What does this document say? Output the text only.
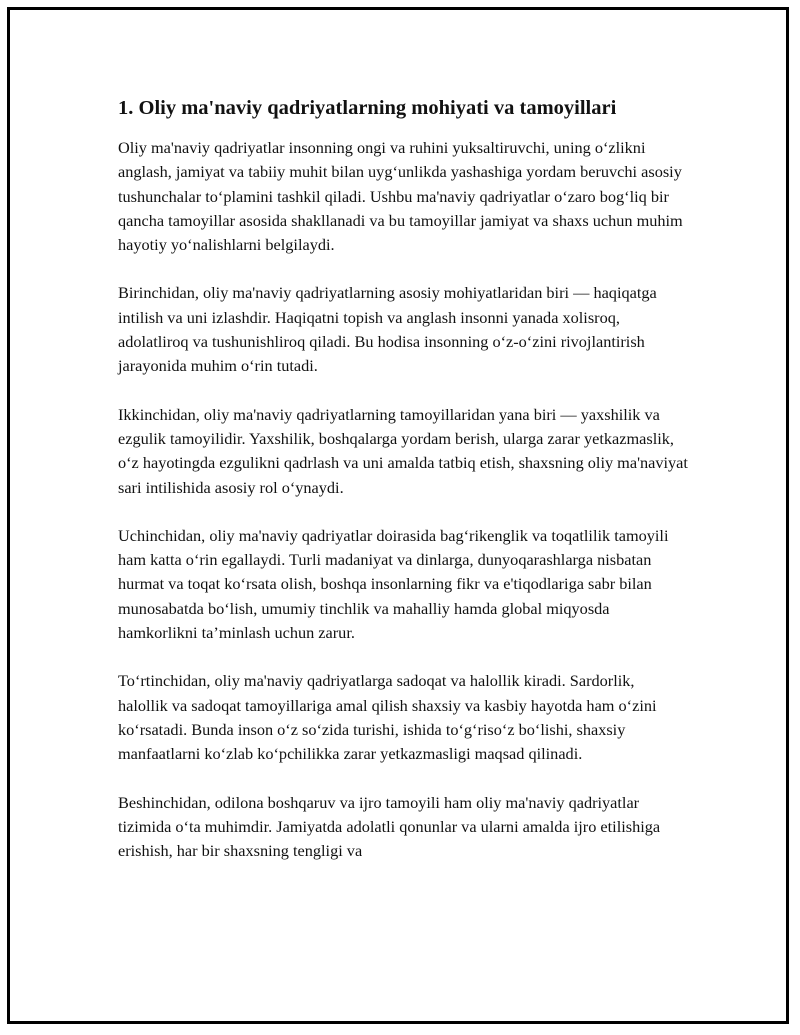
1. Oliy ma'naviy qadriyatlarning mohiyati va tamoyillari

Oliy ma'naviy qadriyatlar insonning ongi va ruhini yuksaltiruvchi, uning o‘zlikni anglash, jamiyat va tabiiy muhit bilan uyg‘unlikda yashashiga yordam beruvchi asosiy tushunchalar to‘plamini tashkil qiladi. Ushbu ma'naviy qadriyatlar o‘zaro bog‘liq bir qancha tamoyillar asosida shakllanadi va bu tamoyillar jamiyat va shaxs uchun muhim hayotiy yo‘nalishlarni belgilaydi.

Birinchidan, oliy ma'naviy qadriyatlarning asosiy mohiyatlaridan biri — haqiqatga intilish va uni izlashdir. Haqiqatni topish va anglash insonni yanada xolisroq, adolatliroq va tushunishliroq qiladi. Bu hodisa insonning o‘z-o‘zini rivojlantirish jarayonida muhim o‘rin tutadi.

Ikkinchidan, oliy ma'naviy qadriyatlarning tamoyillaridan yana biri — yaxshilik va ezgulik tamoyilidir. Yaxshilik, boshqalarga yordam berish, ularga zarar yetkazmaslik, o‘z hayotingda ezgulikni qadrlash va uni amalda tatbiq etish, shaxsning oliy ma'naviyat sari intilishida asosiy rol o‘ynaydi.

Uchinchidan, oliy ma'naviy qadriyatlar doirasida bag‘rikenglik va toqatlilik tamoyili ham katta o‘rin egallaydi. Turli madaniyat va dinlarga, dunyoqarashlarga nisbatan hurmat va toqat ko‘rsata olish, boshqa insonlarning fikr va e'tiqodlariga sabr bilan munosabatda bo‘lish, umumiy tinchlik va mahalliy hamda global miqyosda hamkorlikni ta’minlash uchun zarur.

To‘rtinchidan, oliy ma'naviy qadriyatlarga sadoqat va halollik kiradi. Sardorlik, halollik va sadoqat tamoyillariga amal qilish shaxsiy va kasbiy hayotda ham o‘zini ko‘rsatadi. Bunda inson o‘z so‘zida turishi, ishida to‘g‘riso‘z bo‘lishi, shaxsiy manfaatlarni ko‘zlab ko‘pchilikka zarar yetkazmasligi maqsad qilinadi.

Beshinchidan, odilona boshqaruv va ijro tamoyili ham oliy ma'naviy qadriyatlar tizimida o‘ta muhimdir. Jamiyatda adolatli qonunlar va ularni amalda ijro etilishiga erishish, har bir shaxsning tengligi va
